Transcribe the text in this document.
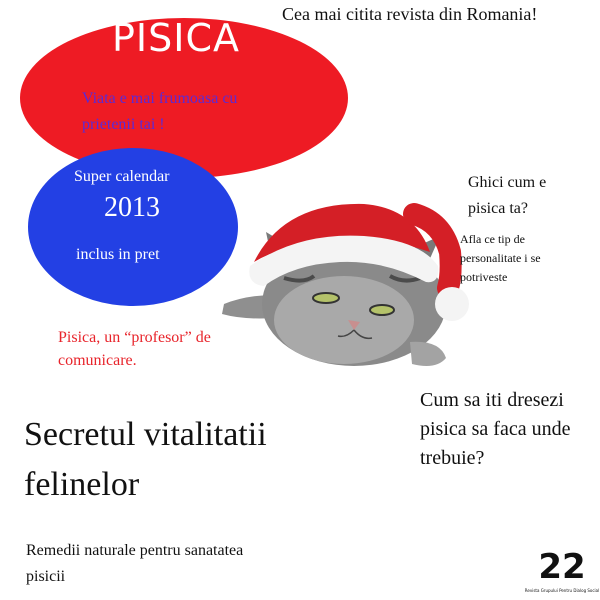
PISICA
Viata e mai frumoasa cu prietenii tai !
Cea mai citita revista din Romania!
Super calendar
2013
inclus in pret
Ghici cum e pisica ta?
Afla ce tip de personalitate i se potriveste
Pisica, un “profesor” de comunicare.
Cum sa iti dresezi pisica sa faca unde trebuie?
Secretul vitalitatii felinelor
Remedii naturale pentru sanatatea pisicii	22
Revista Grupului Pentru Dialog Social
